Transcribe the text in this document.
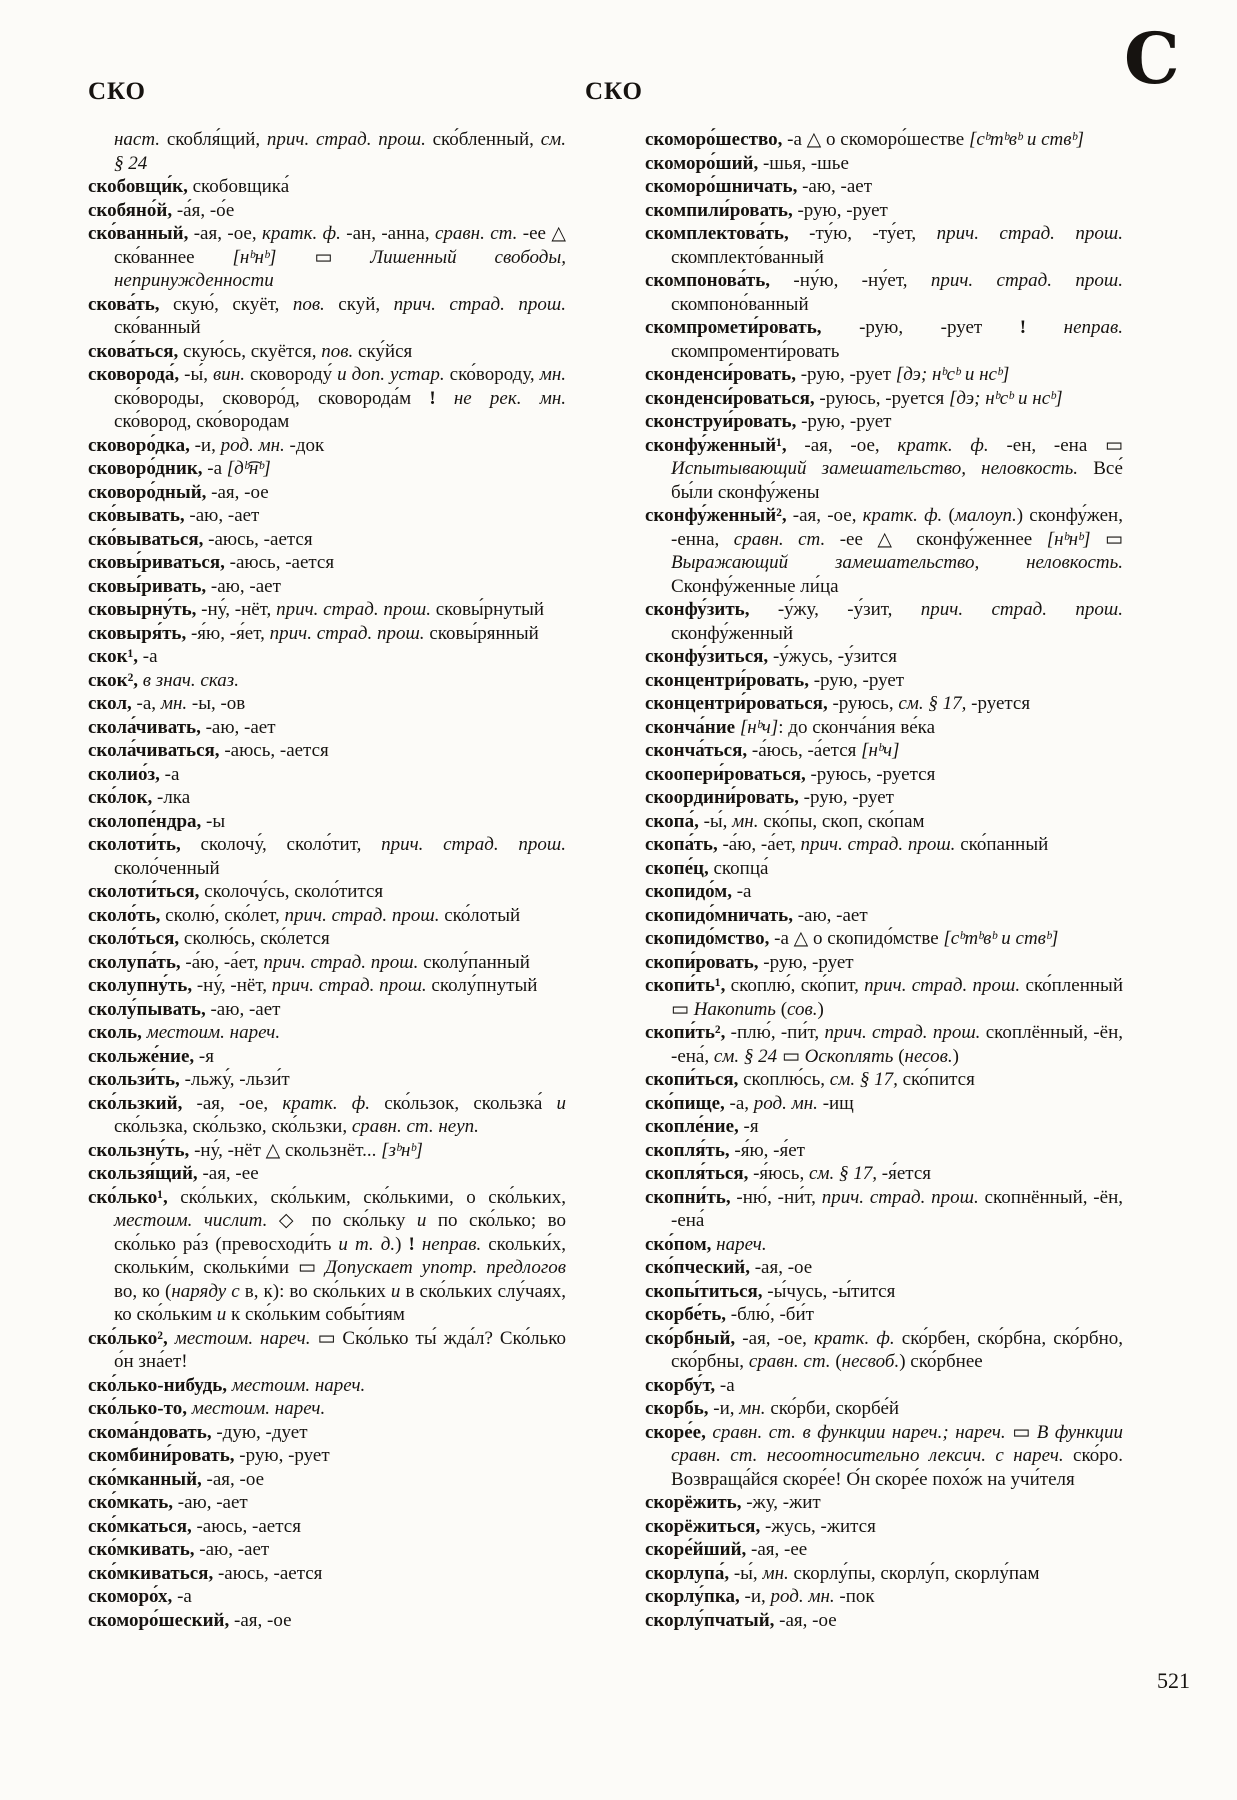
СКО	СКО	C

наст. скобля́щий, прич. страд. прош. ско́бленный, см. § 24

скобовщи́к, скобовщика́

скобяно́й, -а́я, -о́е

ско́ванный, -ая, -ое, кратк. ф. -ан, -анна, сравн. ст. -ее △ ско́ваннее [нᵇнᵇ] ▭ Лишенный свободы, непринужденности

скова́ть, скую́, скуёт, пов. скуй, прич. страд. прош. ско́ванный

скова́ться, скую́сь, скуётся, пов. ску́йся

сковорода́, -ы́, вин. сковороду́ и доп. устар. ско́вороду, мн. ско́вороды, сковоро́д, сковорода́м ! не рек. мн. ско́вород, ско́вородам

сковоро́дка, -и, род. мн. -док

сковоро́дник, -а [дᵇ͡нᵇ]

сковоро́дный, -ая, -ое

ско́вывать, -аю, -ает

ско́вываться, -аюсь, -ается

сковы́риваться, -аюсь, -ается

сковы́ривать, -аю, -ает

сковырну́ть, -ну́, -нёт, прич. страд. прош. сковы́рнутый

сковыря́ть, -я́ю, -я́ет, прич. страд. прош. сковы́рянный

скок¹, -а

скок², в знач. сказ.

скол, -а, мн. -ы, -ов

скола́чивать, -аю, -ает

скола́чиваться, -аюсь, -ается

сколио́з, -а

ско́лок, -лка

сколопе́ндра, -ы

сколоти́ть, сколочу́, сколо́тит, прич. страд. прош. сколо́ченный

сколоти́ться, сколочу́сь, сколо́тится

сколо́ть, сколю́, ско́лет, прич. страд. прош. ско́лотый

сколо́ться, сколю́сь, ско́лется

сколупа́ть, -а́ю, -а́ет, прич. страд. прош. сколу́панный

сколупну́ть, -ну́, -нёт, прич. страд. прош. сколу́пнутый

сколу́пывать, -аю, -ает

сколь, местоим. нареч.

скольже́ние, -я

скользи́ть, -льжу́, -льзи́т

ско́льзкий, -ая, -ое, кратк. ф. ско́льзок, скользка́ и ско́льзка, ско́льзко, ско́льзки, сравн. ст. неуп.

скользну́ть, -ну́, -нёт △ скользнёт... [зᵇнᵇ]

скользя́щий, -ая, -ее

ско́лько¹, ско́льких, ско́льким, ско́лькими, о ско́льких, местоим. числит. ◇ по ско́льку и по ско́лько; во ско́лько ра́з (превосходи́ть и т. д.) ! неправ. скольки́х, скольки́м, скольки́ми ▭ Допускает употр. предлогов во, ко (наряду с в, к): во ско́льких и в ско́льких слу́чаях, ко ско́льким и к ско́льким собы́тиям

ско́лько², местоим. нареч. ▭ Ско́лько ты́ жда́л? Ско́лько о́н зна́ет!

ско́лько-нибудь, местоим. нареч.

ско́лько-то, местоим. нареч.

скома́ндовать, -дую, -дует

скомбини́ровать, -рую, -рует

ско́мканный, -ая, -ое

ско́мкать, -аю, -ает

ско́мкаться, -аюсь, -ается

ско́мкивать, -аю, -ает

ско́мкиваться, -аюсь, -ается

скоморо́х, -а

скоморо́шеский, -ая, -ое

скоморо́шество, -а △ о скоморо́шестве [сᵇтᵇвᵇ и ствᵇ]

скоморо́ший, -шья, -шье

скоморо́шничать, -аю, -ает

скомпили́ровать, -рую, -рует

скомплектова́ть, -ту́ю, -ту́ет, прич. страд. прош. скомплекто́ванный

скомпонова́ть, -ну́ю, -ну́ет, прич. страд. прош. скомпоно́ванный

скомпромети́ровать, -рую, -рует ! неправ. скомпроменти́ровать

сконденси́ровать, -рую, -рует [дэ; нᵇсᵇ и нсᵇ]

сконденси́роваться, -руюсь, -руется [дэ; нᵇсᵇ и нсᵇ]

сконструи́ровать, -рую, -рует

сконфу́женный¹, -ая, -ое, кратк. ф. -ен, -ена ▭ Испытывающий замешательство, неловкость. Все́ бы́ли сконфу́жены

сконфу́женный², -ая, -ое, кратк. ф. (малоуп.) сконфу́жен, -енна, сравн. ст. -ее △ сконфу́женнее [нᵇнᵇ] ▭ Выражающий замешательство, неловкость. Сконфу́женные ли́ца

сконфу́зить, -у́жу, -у́зит, прич. страд. прош. сконфу́женный

сконфу́зиться, -у́жусь, -у́зится

сконцентри́ровать, -рую, -рует

сконцентри́роваться, -руюсь, см. § 17, -руется

сконча́ние [нᵇч]: до сконча́ния ве́ка

сконча́ться, -а́юсь, -а́ется [нᵇч]

скоопери́роваться, -руюсь, -руется

скоордини́ровать, -рую, -рует

скопа́, -ы́, мн. ско́пы, скоп, ско́пам

скопа́ть, -а́ю, -а́ет, прич. страд. прош. ско́панный

скопе́ц, скопца́

скопидо́м, -а

скопидо́мничать, -аю, -ает

скопидо́мство, -а △ о скопидо́мстве [сᵇтᵇвᵇ и ствᵇ]

скопи́ровать, -рую, -рует

скопи́ть¹, скоплю́, ско́пит, прич. страд. прош. ско́пленный ▭ Накопить (сов.)

скопи́ть², -плю́, -пи́т, прич. страд. прош. скоплённый, -ён, -ена́, см. § 24 ▭ Оскоплять (несов.)

скопи́ться, скоплю́сь, см. § 17, ско́пится

ско́пище, -а, род. мн. -ищ

скопле́ние, -я

скопля́ть, -я́ю, -я́ет

скопля́ться, -я́юсь, см. § 17, -я́ется

скопни́ть, -ню́, -ни́т, прич. страд. прош. скопнённый, -ён, -ена́

ско́пом, нареч.

ско́пческий, -ая, -ое

скопы́титься, -ы́чусь, -ы́тится

скорбе́ть, -блю́, -би́т

ско́рбный, -ая, -ое, кратк. ф. ско́рбен, ско́рбна, ско́рбно, ско́рбны, сравн. ст. (несвоб.) ско́рбнее

скорбу́т, -а

скорбь, -и, мн. ско́рби, скорбе́й

скоре́е, сравн. ст. в функции нареч.; нареч. ▭ В функции сравн. ст. несоотносительно лексич. с нареч. ско́ро. Возвраща́йся скоре́е! О́н скоре́е похо́ж на учи́теля

скорёжить, -жу, -жит

скорёжиться, -жусь, -жится

скоре́йший, -ая, -ее

скорлупа́, -ы́, мн. скорлу́пы, скорлу́п, скорлу́пам

скорлу́пка, -и, род. мн. -пок

скорлу́пчатый, -ая, -ое

521
